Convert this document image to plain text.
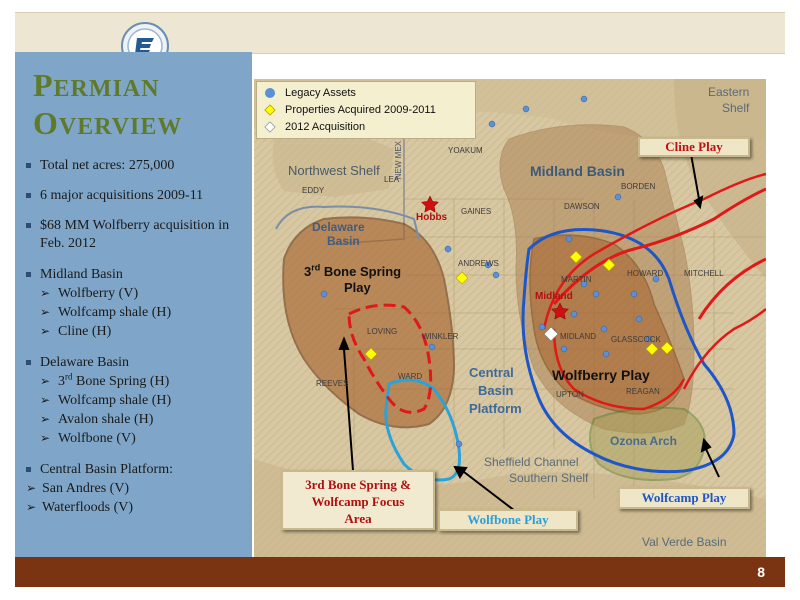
PERMIAN
OVERVIEW
Total net acres: 275,000
6 major acquisitions 2009-11
$68 MM Wolfberry acquisition in Feb. 2012
Midland Basin
➢ Wolfberry (V)
➢ Wolfcamp shale (H)
➢ Cline (H)
Delaware Basin
➢ 3rd Bone Spring (H)
➢ Wolfcamp shale (H)
➢ Avalon shale (H)
➢ Wolfbone (V)
Central Basin Platform:
➢ San Andres (V)
➢ Waterfloods (V)
Eastern
Shelf
Northwest Shelf	Midland Basin
Delaware
Basin
3rd Bone Spring
Play
Central
Basin
Platform
Wolfberry Play
Ozona Arch
Sheffield Channel
Southern Shelf
Val Verde Basin
NEW MEX
Hobbs
Midland
YOAKUM
LEA
EDDY
GAINES
DAWSON
BORDEN
ANDREWS
MARTIN
HOWARD	MITCHELL
LOVING
WINKLER	MIDLAND GLASSCOCK
REEVES
WARD
UPTON	REAGAN
Legacy Assets
Properties Acquired 2009-2011
2012 Acquisition
Cline Play
3rd Bone Spring &
Wolfcamp Focus
Area	Wolfbone Play
Wolfcamp Play
8
